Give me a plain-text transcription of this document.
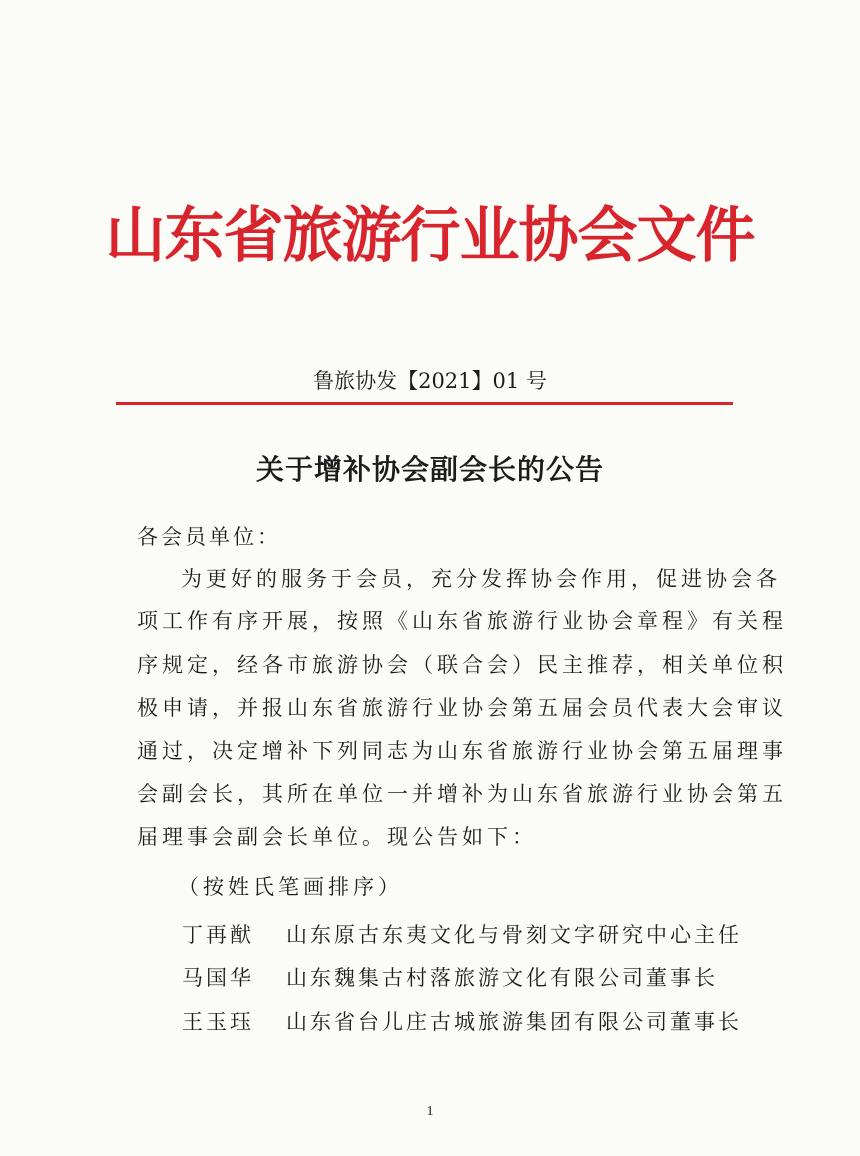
山东省旅游行业协会文件
鲁旅协发【2021】01 号
关于增补协会副会长的公告
各会员单位：
为更好的服务于会员，充分发挥协会作用，促进协会各
项工作有序开展，按照《山东省旅游行业协会章程》有关程
序规定，经各市旅游协会（联合会）民主推荐，相关单位积
极申请，并报山东省旅游行业协会第五届会员代表大会审议
通过，决定增补下列同志为山东省旅游行业协会第五届理事
会副会长，其所在单位一并增补为山东省旅游行业协会第五
届理事会副会长单位。现公告如下：
（按姓氏笔画排序）
丁再猷 山东原古东夷文化与骨刻文字研究中心主任
马国华 山东魏集古村落旅游文化有限公司董事长
王玉珏 山东省台儿庄古城旅游集团有限公司董事长
1
